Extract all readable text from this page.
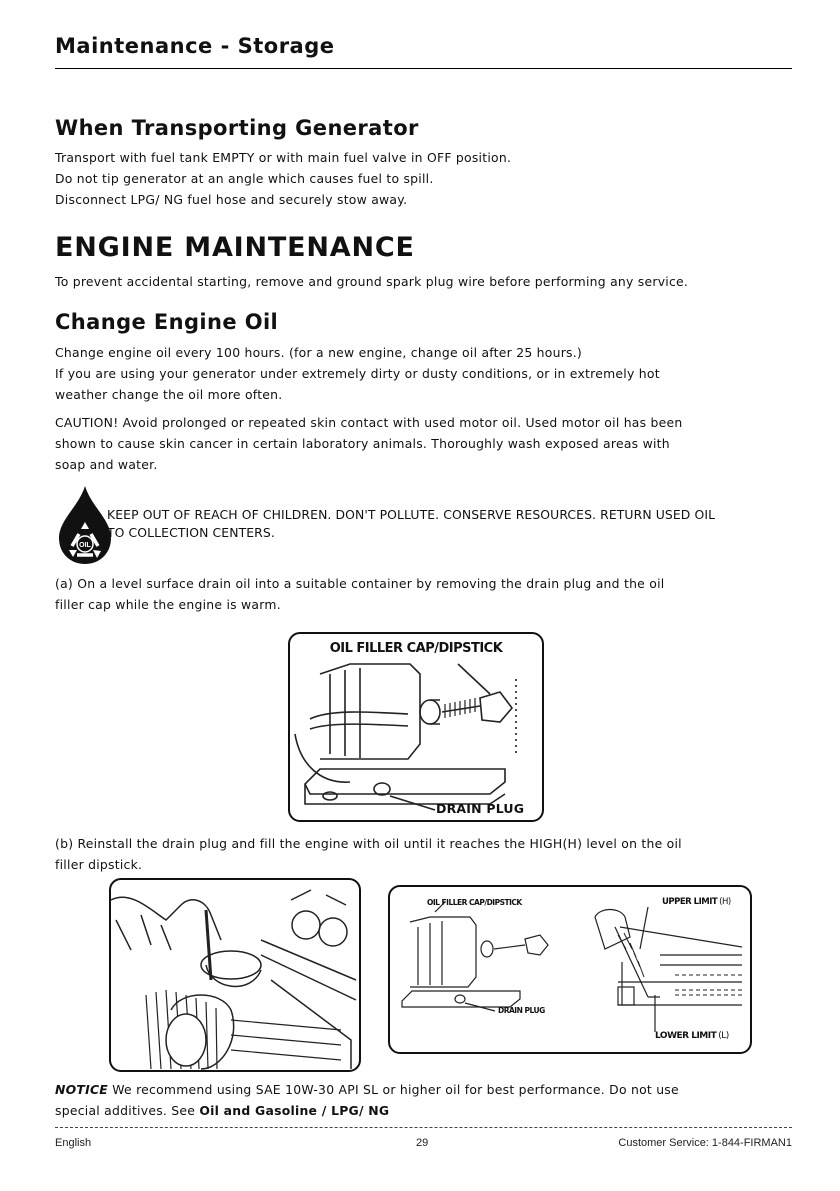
Maintenance - Storage
When Transporting Generator
Transport with fuel tank EMPTY or with main fuel valve in OFF position.
Do not tip generator at an angle which causes fuel to spill.
Disconnect LPG/ NG fuel hose and securely stow away.
ENGINE MAINTENANCE
To prevent accidental starting, remove and ground spark plug wire before performing any service.
Change Engine Oil
Change engine oil every 100 hours. (for a new engine, change oil after 25 hours.)
If you are using your generator under extremely dirty or dusty conditions, or in extremely hot
weather change the oil more often.
CAUTION! Avoid prolonged or repeated skin contact with used motor oil. Used motor oil has been
shown to cause skin cancer in certain laboratory animals. Thoroughly wash exposed areas with
soap and water.
OIL
KEEP OUT OF REACH OF CHILDREN. DON'T POLLUTE. CONSERVE RESOURCES. RETURN USED OIL
TO COLLECTION CENTERS.
(a) On a level surface drain oil into a suitable container by removing the drain plug and the oil
filler cap while the engine is warm.
OIL FILLER CAP/DIPSTICK
DRAIN PLUG
(b) Reinstall the drain plug and fill the engine with oil until it reaches the HIGH(H) level on the oil
filler dipstick.
OIL FILLER CAP/DIPSTICK	UPPER LIMIT (H)
DRAIN PLUG
LOWER LIMIT (L)
NOTICE We recommend using SAE 10W-30 API SL or higher oil for best performance. Do not use
special additives. See Oil and Gasoline / LPG/ NG
English	29	Customer Service: 1-844-FIRMAN1
